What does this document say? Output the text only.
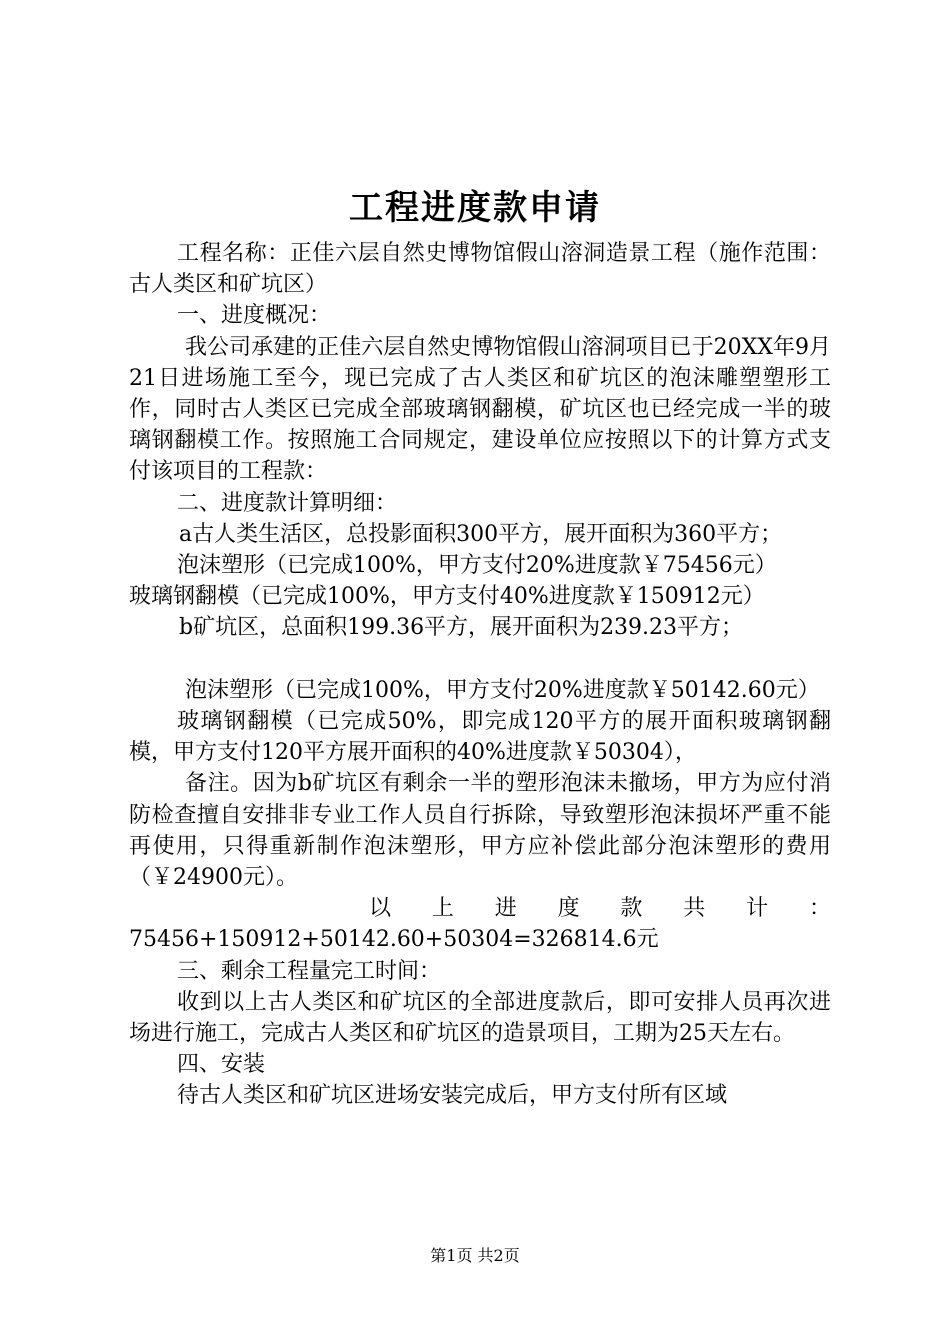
工程进度款申请

工程名称：正佳六层自然史博物馆假山溶洞造景工程（施作范围：古人类区和矿坑区）

一、进度概况：

我公司承建的正佳六层自然史博物馆假山溶洞项目已于20XX年9月21日进场施工至今，现已完成了古人类区和矿坑区的泡沫雕塑塑形工作，同时古人类区已完成全部玻璃钢翻模，矿坑区也已经完成一半的玻璃钢翻模工作。按照施工合同规定，建设单位应按照以下的计算方式支付该项目的工程款：

二、进度款计算明细：

a古人类生活区，总投影面积300平方，展开面积为360平方；

泡沫塑形（已完成100%，甲方支付20%进度款￥75456元）

玻璃钢翻模（已完成100%，甲方支付40%进度款￥150912元）

b矿坑区，总面积199.36平方，展开面积为239.23平方；

泡沫塑形（已完成100%，甲方支付20%进度款￥50142.60元）

玻璃钢翻模（已完成50%，即完成120平方的展开面积玻璃钢翻模，甲方支付120平方展开面积的40%进度款￥50304），

备注。因为b矿坑区有剩余一半的塑形泡沫未撤场，甲方为应付消防检查擅自安排非专业工作人员自行拆除，导致塑形泡沫损坏严重不能再使用，只得重新制作泡沫塑形，甲方应补偿此部分泡沫塑形的费用（￥24900元）。

以上进度款共计：

75456+150912+50142.60+50304=326814.6元

三、剩余工程量完工时间：

收到以上古人类区和矿坑区的全部进度款后，即可安排人员再次进场进行施工，完成古人类区和矿坑区的造景项目，工期为25天左右。

四、安装

待古人类区和矿坑区进场安装完成后，甲方支付所有区域

第1页 共2页
